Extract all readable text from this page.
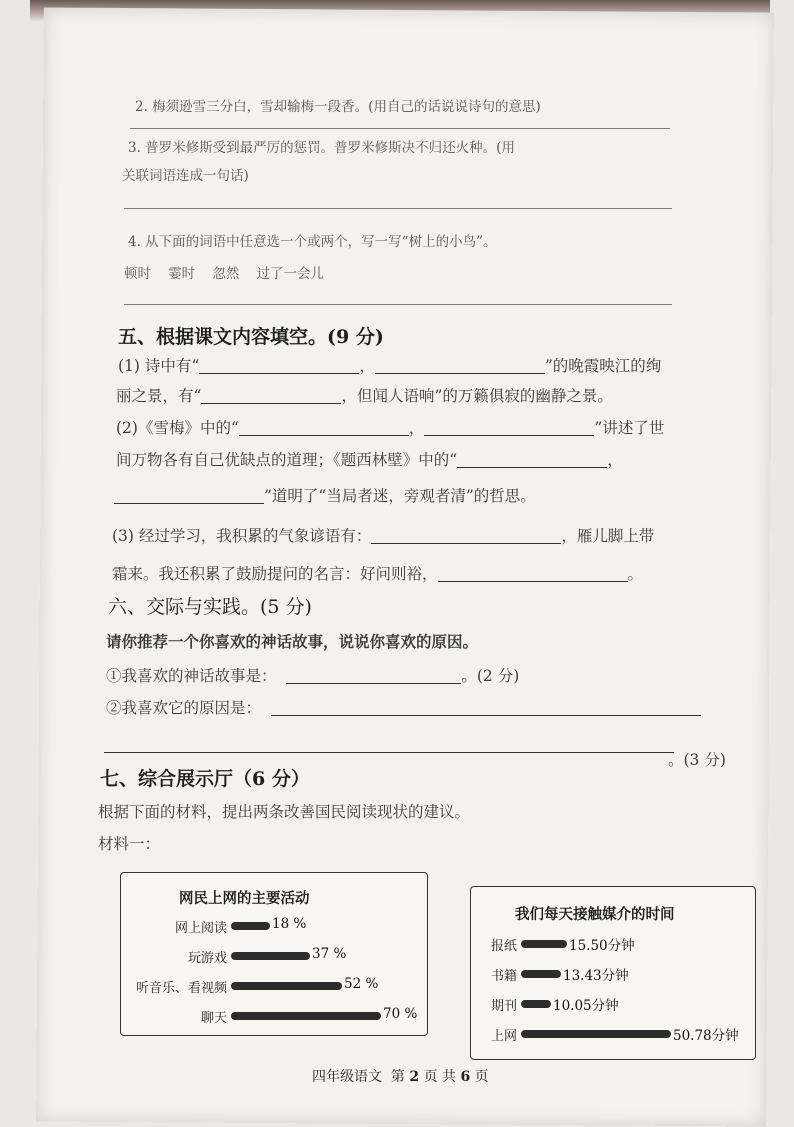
2. 梅须逊雪三分白，雪却输梅一段香。(用自己的话说说诗句的意思)
3. 普罗米修斯受到最严厉的惩罚。普罗米修斯决不归还火种。(用
关联词语连成一句话)
4. 从下面的词语中任意选一个或两个，写一写“树上的小鸟”。
顿时 霎时 忽然 过了一会儿
五、根据课文内容填空。(9 分)
(1) 诗中有“	，	”的晚霞映江的绚
丽之景，有“	，但闻人语响”的万籁俱寂的幽静之景。
(2)《雪梅》中的“	，	”讲述了世
间万物各有自己优缺点的道理；《题西林壁》中的“	，
”道明了“当局者迷，旁观者清”的哲思。
(3) 经过学习，我积累的气象谚语有：	，雁儿脚上带
霜来。我还积累了鼓励提问的名言：好问则裕，	。
六、交际与实践。(5 分)
请你推荐一个你喜欢的神话故事，说说你喜欢的原因。
①我喜欢的神话故事是：	。(2 分)
②我喜欢它的原因是：
。(3 分)
七、综合展示厅（6 分）
根据下面的材料，提出两条改善国民阅读现状的建议。
材料一：
网民上网的主要活动
网上阅读	18 %
玩游戏	37 %
听音乐、看视频	52 %
聊天	70 %
我们每天接触媒介的时间
报纸	15.50分钟
书籍	13.43分钟
期刊	10.05分钟
上网	50.78分钟
四年级语文 第 2 页 共 6 页
